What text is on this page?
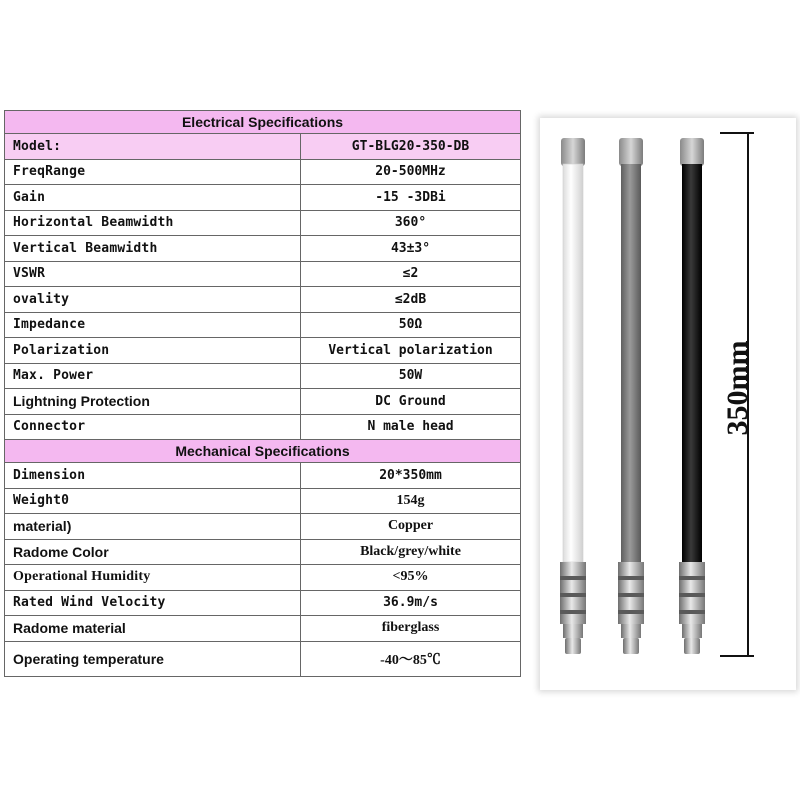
Electrical Specifications	
Model:	GT-BLG20-350-DB
FreqRange	20-500MHz
Gain	-15 -3DBi
Horizontal Beamwidth	360°
Vertical Beamwidth	43±3°
VSWR	≤2
ovality	≤2dB
Impedance	50Ω
Polarization	Vertical polarization
Max. Power	50W
Lightning Protection	DC Ground
Connector	N male head
Mechanical Specifications	
Dimension	20*350mm
Weight0	154g
material)	Copper
Radome Color	Black/grey/white
Operational Humidity	<95%
Rated Wind Velocity	36.9m/s
Radome material	fiberglass
Operating temperature	-40～85℃
350mm
